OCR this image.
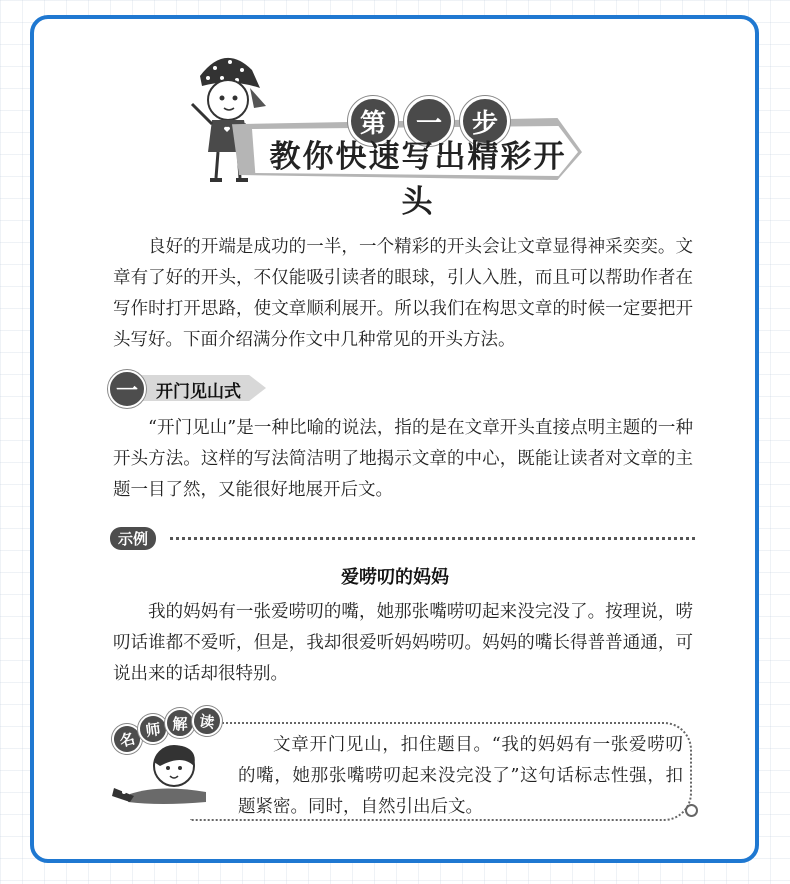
第	一	步
教你快速写出精彩开头

良好的开端是成功的一半，一个精彩的开头会让文章显得神采奕奕。文章有了好的开头，不仅能吸引读者的眼球，引人入胜，而且可以帮助作者在写作时打开思路，使文章顺利展开。所以我们在构思文章的时候一定要把开头写好。下面介绍满分作文中几种常见的开头方法。

一	开门见山式

“开门见山”是一种比喻的说法，指的是在文章开头直接点明主题的一种开头方法。这样的写法简洁明了地揭示文章的中心，既能让读者对文章的主题一目了然，又能很好地展开后文。

示例
爱唠叨的妈妈

我的妈妈有一张爱唠叨的嘴，她那张嘴唠叨起来没完没了。按理说，唠叨话谁都不爱听，但是，我却很爱听妈妈唠叨。妈妈的嘴长得普普通通，可说出来的话却很特别。

名 师 解 读

文章开门见山，扣住题目。“我的妈妈有一张爱唠叨的嘴，她那张嘴唠叨起来没完没了”这句话标志性强，扣题紧密。同时，自然引出后文。
